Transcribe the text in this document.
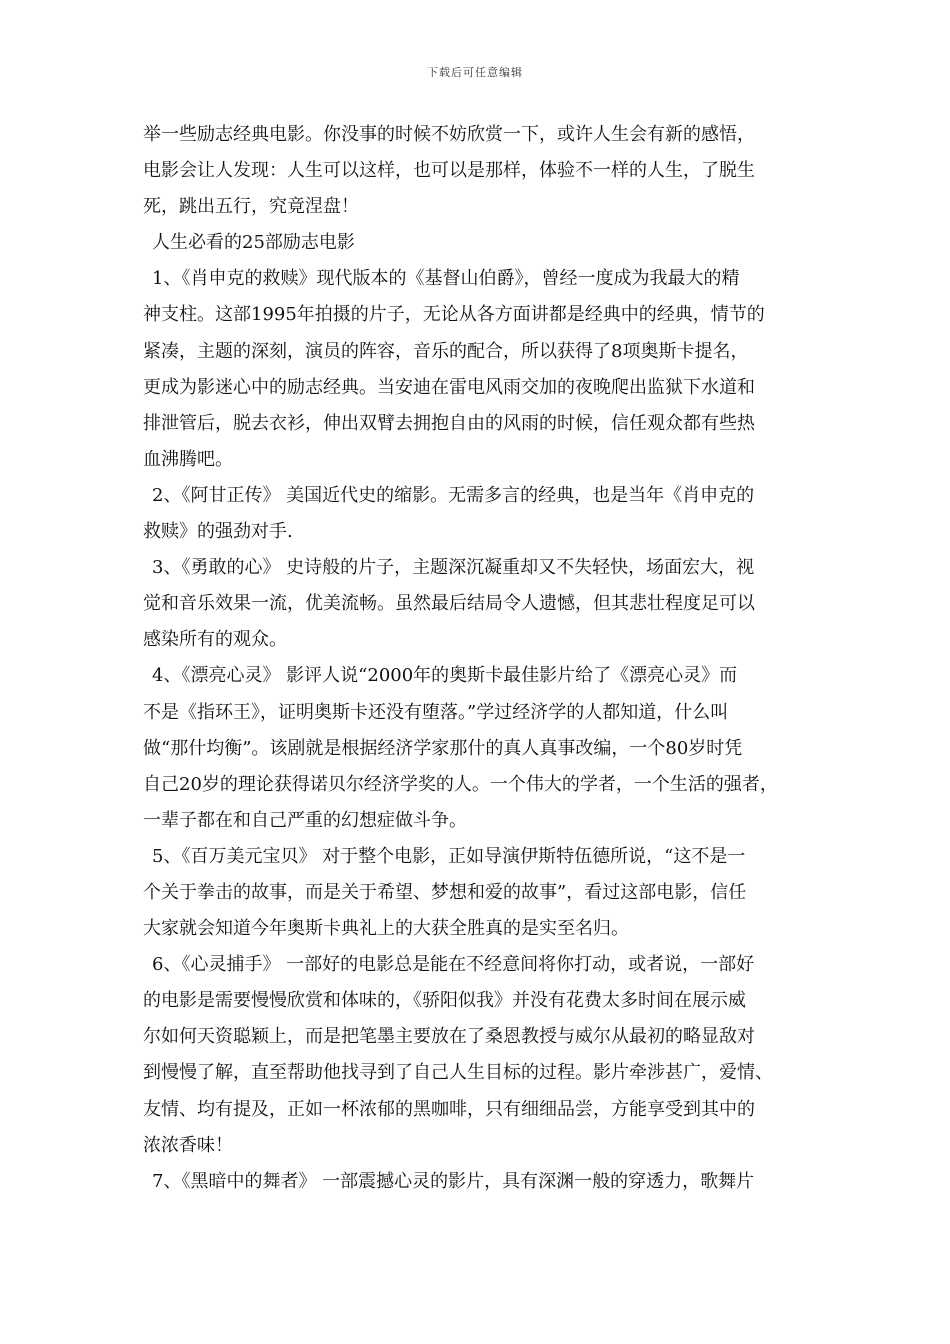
下载后可任意编辑
举一些励志经典电影。你没事的时候不妨欣赏一下，或许人生会有新的感悟，
电影会让人发现：人生可以这样，也可以是那样，体验不一样的人生，了脱生
死，跳出五行，究竟涅盘！
人生必看的25部励志电影
1、《肖申克的救赎》现代版本的《基督山伯爵》，曾经一度成为我最大的精
神支柱。这部1995年拍摄的片子，无论从各方面讲都是经典中的经典，情节的
紧凑，主题的深刻，演员的阵容，音乐的配合，所以获得了8项奥斯卡提名，
更成为影迷心中的励志经典。当安迪在雷电风雨交加的夜晚爬出监狱下水道和
排泄管后，脱去衣衫，伸出双臂去拥抱自由的风雨的时候，信任观众都有些热
血沸腾吧。
2、《阿甘正传》 美国近代史的缩影。无需多言的经典，也是当年《肖申克的
救赎》的强劲对手.
3、《勇敢的心》 史诗般的片子，主题深沉凝重却又不失轻快，场面宏大，视
觉和音乐效果一流，优美流畅。虽然最后结局令人遗憾，但其悲壮程度足可以
感染所有的观众。
4、《漂亮心灵》 影评人说“2000年的奥斯卡最佳影片给了《漂亮心灵》而
不是《指环王》，证明奥斯卡还没有堕落。”学过经济学的人都知道，什么叫
做“那什均衡”。该剧就是根据经济学家那什的真人真事改编，一个80岁时凭
自己20岁的理论获得诺贝尔经济学奖的人。一个伟大的学者，一个生活的强者，
一辈子都在和自己严重的幻想症做斗争。
5、《百万美元宝贝》 对于整个电影，正如导演伊斯特伍德所说，“这不是一
个关于拳击的故事，而是关于希望、梦想和爱的故事”，看过这部电影，信任
大家就会知道今年奥斯卡典礼上的大获全胜真的是实至名归。
6、《心灵捕手》 一部好的电影总是能在不经意间将你打动，或者说，一部好
的电影是需要慢慢欣赏和体味的，《骄阳似我》并没有花费太多时间在展示威
尔如何天资聪颖上，而是把笔墨主要放在了桑恩教授与威尔从最初的略显敌对
到慢慢了解，直至帮助他找寻到了自己人生目标的过程。影片牵涉甚广，爱情、
友情、均有提及，正如一杯浓郁的黑咖啡，只有细细品尝，方能享受到其中的
浓浓香味！
7、《黑暗中的舞者》 一部震撼心灵的影片，具有深渊一般的穿透力，歌舞片
